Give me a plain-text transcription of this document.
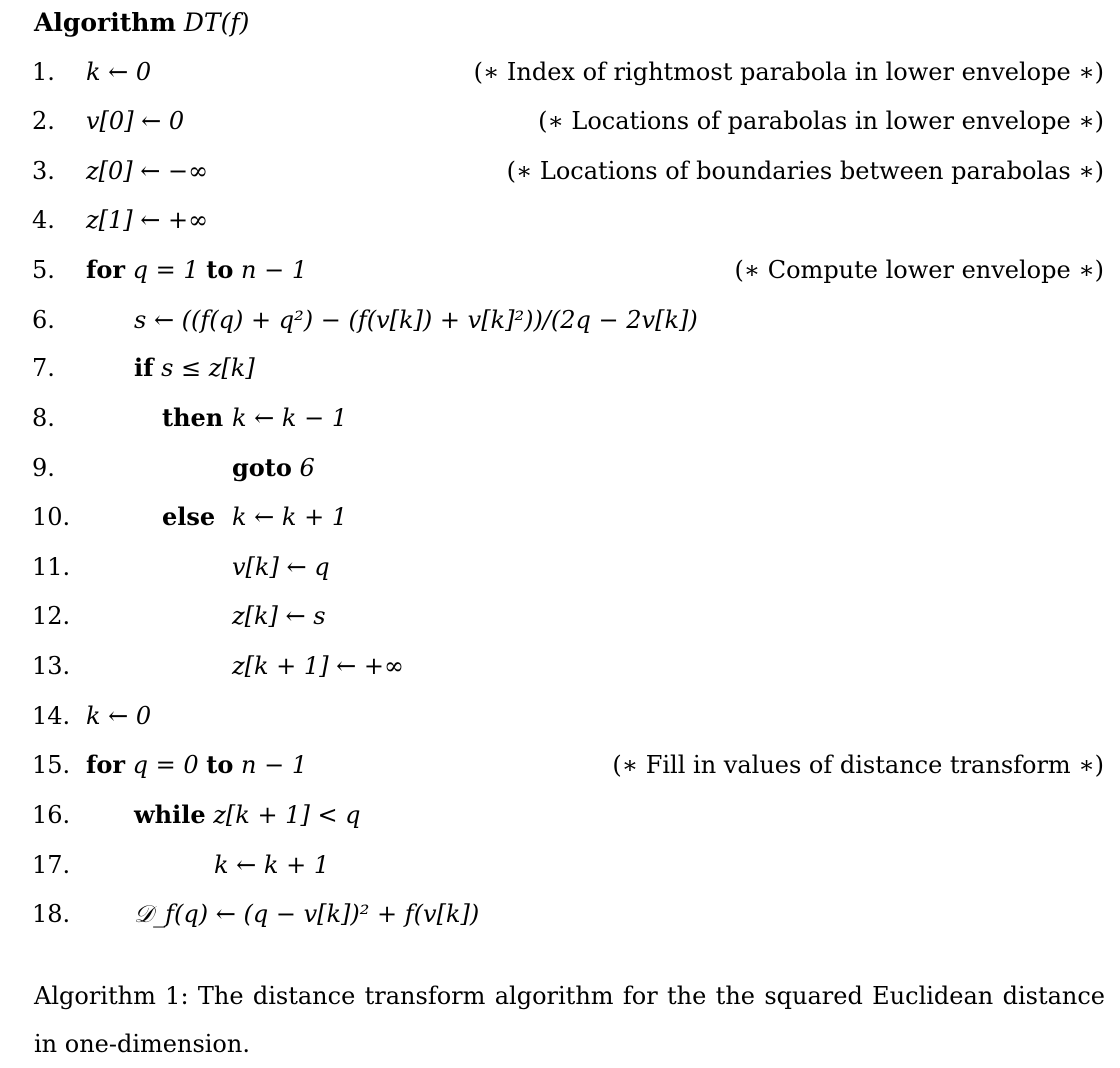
Algorithm DT(f)
1. k ← 0	(∗ Index of rightmost parabola in lower envelope ∗)
2. v[0] ← 0	(∗ Locations of parabolas in lower envelope ∗)
3. z[0] ← −∞	(∗ Locations of boundaries between parabolas ∗)
4. z[1] ← +∞
5. for q = 1 to n − 1	(∗ Compute lower envelope ∗)
6.	s ← ((f(q) + q²) − (f(v[k]) + v[k]²))/(2q − 2v[k])
7.	if s ≤ z[k]
8.	then k ← k − 1
9.	goto 6
10.	else k ← k + 1
11.	v[k] ← q
12.	z[k] ← s
13.	z[k + 1] ← +∞
14. k ← 0
15. for q = 0 to n − 1	(∗ Fill in values of distance transform ∗)
16.	while z[k + 1] < q
17.	k ← k + 1
18.	𝒟_f(q) ← (q − v[k])² + f(v[k])
Algorithm 1: The distance transform algorithm for the the squared Euclidean distance in one-dimension.
